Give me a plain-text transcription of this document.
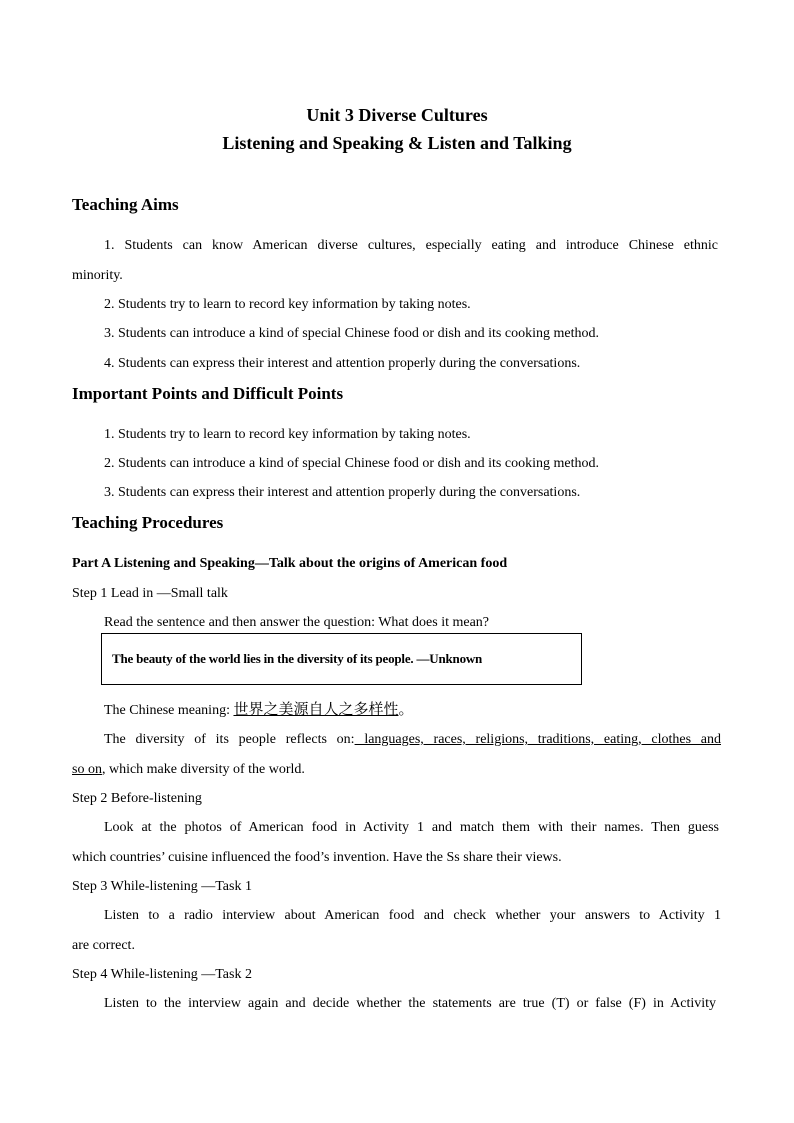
Unit 3 Diverse Cultures
Listening and Speaking & Listen and Talking
Teaching Aims
1. Students can know American diverse cultures, especially eating and introduce Chinese ethnic
minority.
2. Students try to learn to record key information by taking notes.
3. Students can introduce a kind of special Chinese food or dish and its cooking method.
4. Students can express their interest and attention properly during the conversations.
Important Points and Difficult Points
1. Students try to learn to record key information by taking notes.
2. Students can introduce a kind of special Chinese food or dish and its cooking method.
3. Students can express their interest and attention properly during the conversations.
Teaching Procedures
Part A Listening and Speaking—Talk about the origins of American food
Step 1 Lead in —Small talk
Read the sentence and then answer the question: What does it mean?
The beauty of the world lies in the diversity of its people. —Unknown
The Chinese meaning: 世界之美源自人之多样性。
The diversity of its people reflects on: languages, races, religions, traditions, eating, clothes and
so on, which make diversity of the world.
Step 2 Before-listening
Look at the photos of American food in Activity 1 and match them with their names. Then guess
which countries’ cuisine influenced the food’s invention. Have the Ss share their views.
Step 3 While-listening —Task 1
Listen to a radio interview about American food and check whether your answers to Activity 1
are correct.
Step 4 While-listening —Task 2
Listen to the interview again and decide whether the statements are true (T) or false (F) in Activity
